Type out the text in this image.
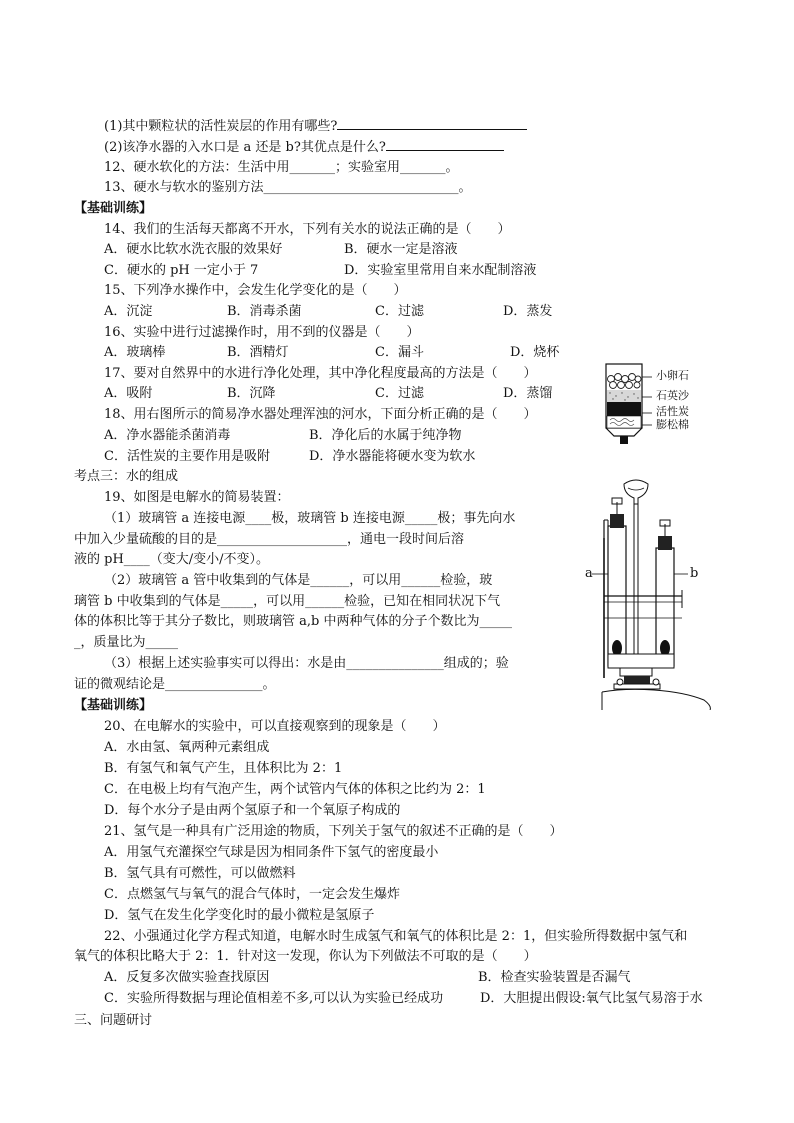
(1)其中颗粒状的活性炭层的作用有哪些?
(2)该净水器的入水口是 a 还是 b?其优点是什么?
12、硬水软化的方法：生活中用_______；实验室用_______。
13、硬水与软水的鉴别方法______________________________。
【基础训练】
14、我们的生活每天都离不开水，下列有关水的说法正确的是（　　）
A．硬水比软水洗衣服的效果好	B．硬水一定是溶液
C．硬水的 pH 一定小于 7	D．实验室里常用自来水配制溶液
15、下列净水操作中，会发生化学变化的是（　　）
A．沉淀	B．消毒杀菌	C．过滤	D．蒸发
16、实验中进行过滤操作时，用不到的仪器是（　　）
A．玻璃棒	B．酒精灯	C．漏斗	D．烧杯
17、要对自然界中的水进行净化处理，其中净化程度最高的方法是（　　）
A．吸附	B．沉降	C．过滤	D．蒸馏
18、用右图所示的简易净水器处理浑浊的河水，下面分析正确的是（　　）
A．净水器能杀菌消毒	B．净化后的水属于纯净物
C．活性炭的主要作用是吸附	D．净水器能将硬水变为软水
考点三：水的组成
19、如图是电解水的简易装置：
（1）玻璃管 a 连接电源____极，玻璃管 b 连接电源_____极；事先向水
中加入少量硫酸的目的是____________________，通电一段时间后溶
液的 pH____（变大/变小/不变）。
（2）玻璃管 a 管中收集到的气体是______，可以用______检验，玻
璃管 b 中收集到的气体是_____，可以用______检验，已知在相同状况下气
体的体积比等于其分子数比，则玻璃管 a,b 中两种气体的分子个数比为_____
_，质量比为_____
（3）根据上述实验事实可以得出：水是由_______________组成的；验
证的微观结论是_______________。
【基础训练】
20、在电解水的实验中，可以直接观察到的现象是（　　）
A．水由氢、氧两种元素组成
B．有氢气和氧气产生，且体积比为 2：1
C．在电极上均有气泡产生，两个试管内气体的体积之比约为 2：1
D．每个水分子是由两个氢原子和一个氧原子构成的
21、氢气是一种具有广泛用途的物质，下列关于氢气的叙述不正确的是（　　）
A．用氢气充灌探空气球是因为相同条件下氢气的密度最小
B．氢气具有可燃性，可以做燃料
C．点燃氢气与氧气的混合气体时，一定会发生爆炸
D．氢气在发生化学变化时的最小微粒是氢原子
22、小强通过化学方程式知道，电解水时生成氢气和氧气的体积比是 2：1，但实验所得数据中氢气和
氧气的体积比略大于 2：1．针对这一发现，你认为下列做法不可取的是（　　）
A．反复多次做实验查找原因	B．检查实验装置是否漏气
C．实验所得数据与理论值相差不多,可以认为实验已经成功	D．大胆提出假设:氧气比氢气易溶于水
三、问题研讨
小卵石
石英沙
活性炭
膨松棉
a	b
